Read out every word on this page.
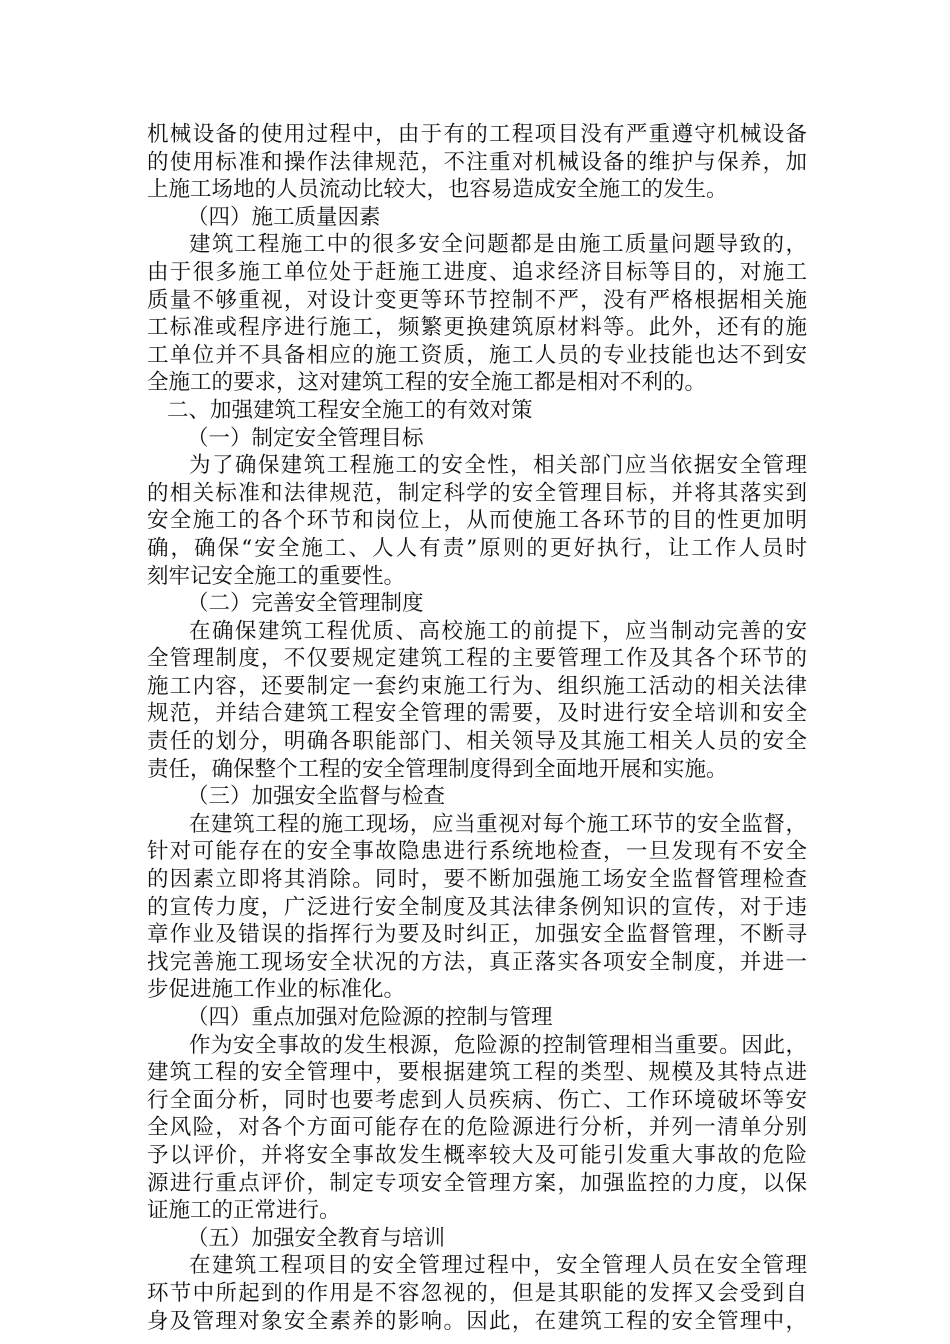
机械设备的使用过程中，由于有的工程项目没有严重遵守机械设备
的使用标准和操作法律规范，不注重对机械设备的维护与保养，加
上施工场地的人员流动比较大，也容易造成安全施工的发生。
（四）施工质量因素
建筑工程施工中的很多安全问题都是由施工质量问题导致的，
由于很多施工单位处于赶施工进度、追求经济目标等目的，对施工
质量不够重视，对设计变更等环节控制不严，没有严格根据相关施
工标准或程序进行施工，频繁更换建筑原材料等。此外，还有的施
工单位并不具备相应的施工资质，施工人员的专业技能也达不到安
全施工的要求，这对建筑工程的安全施工都是相对不利的。
二、加强建筑工程安全施工的有效对策
（一）制定安全管理目标
为了确保建筑工程施工的安全性，相关部门应当依据安全管理
的相关标准和法律规范，制定科学的安全管理目标，并将其落实到
安全施工的各个环节和岗位上，从而使施工各环节的目的性更加明
确，确保“安全施工、人人有责”原则的更好执行，让工作人员时
刻牢记安全施工的重要性。
（二）完善安全管理制度
在确保建筑工程优质、高校施工的前提下，应当制动完善的安
全管理制度，不仅要规定建筑工程的主要管理工作及其各个环节的
施工内容，还要制定一套约束施工行为、组织施工活动的相关法律
规范，并结合建筑工程安全管理的需要，及时进行安全培训和安全
责任的划分，明确各职能部门、相关领导及其施工相关人员的安全
责任，确保整个工程的安全管理制度得到全面地开展和实施。
（三）加强安全监督与检查
在建筑工程的施工现场，应当重视对每个施工环节的安全监督，
针对可能存在的安全事故隐患进行系统地检查，一旦发现有不安全
的因素立即将其消除。同时，要不断加强施工场安全监督管理检查
的宣传力度，广泛进行安全制度及其法律条例知识的宣传，对于违
章作业及错误的指挥行为要及时纠正，加强安全监督管理，不断寻
找完善施工现场安全状况的方法，真正落实各项安全制度，并进一
步促进施工作业的标准化。
（四）重点加强对危险源的控制与管理
作为安全事故的发生根源，危险源的控制管理相当重要。因此，
建筑工程的安全管理中，要根据建筑工程的类型、规模及其特点进
行全面分析，同时也要考虑到人员疾病、伤亡、工作环境破坏等安
全风险，对各个方面可能存在的危险源进行分析，并列一清单分别
予以评价，并将安全事故发生概率较大及可能引发重大事故的危险
源进行重点评价，制定专项安全管理方案，加强监控的力度，以保
证施工的正常进行。
（五）加强安全教育与培训
在建筑工程项目的安全管理过程中，安全管理人员在安全管理
环节中所起到的作用是不容忽视的，但是其职能的发挥又会受到自
身及管理对象安全素养的影响。因此，在建筑工程的安全管理中，
